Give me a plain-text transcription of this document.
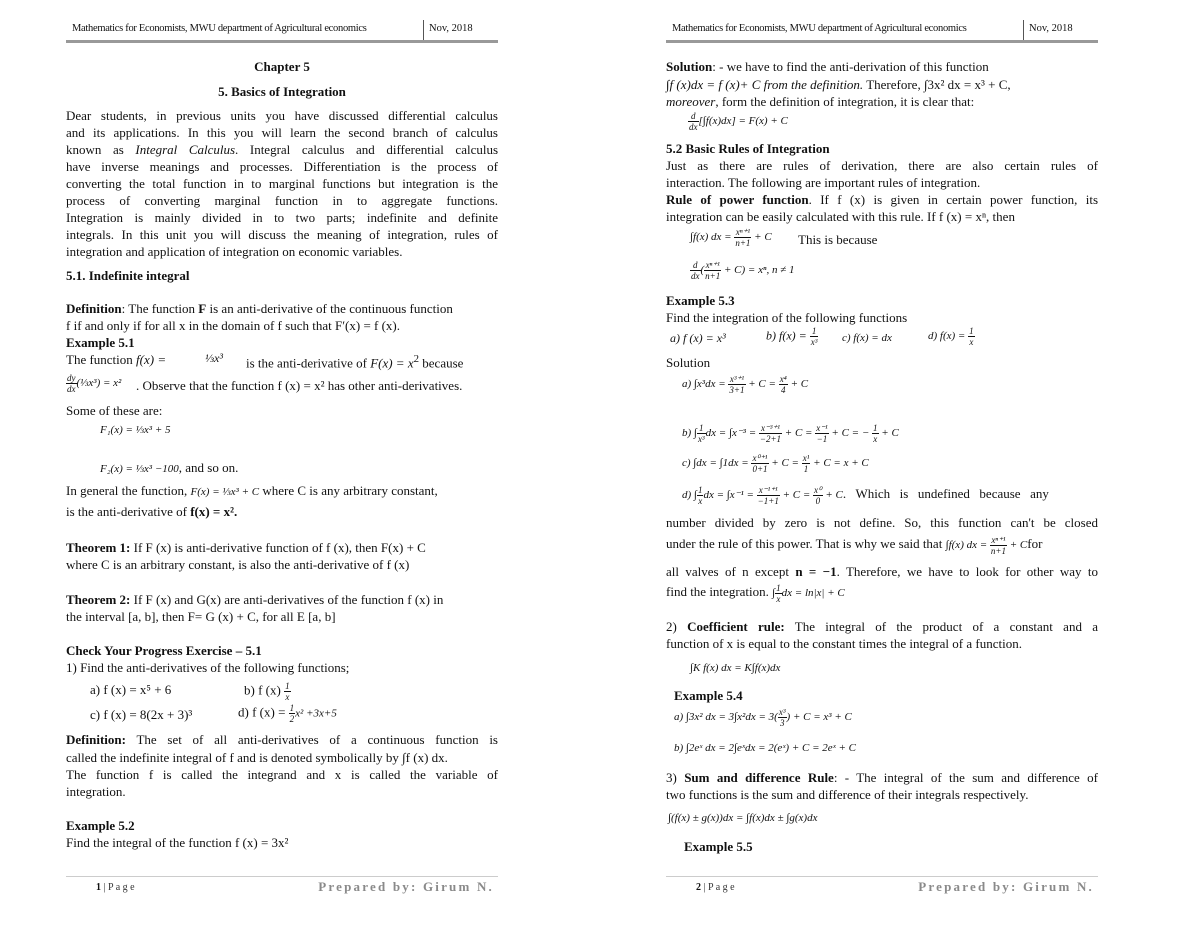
Mathematics for Economists, MWU department of Agricultural economics	Nov, 2018
Chapter 5
5. Basics of Integration
Dear students, in previous units you have discussed differential calculus
and its applications. In this you will learn the second branch of calculus
known as Integral Calculus. Integral calculus and differential calculus
have inverse meanings and processes. Differentiation is the process of
converting the total function in to marginal functions but integration is the
process of converting marginal function in to aggregate functions.
Integration is mainly divided in to two parts; indefinite and definite
integrals. In this unit you will discuss the meaning of integration, rules of
integration and application of integration on economic variables.
5.1. Indefinite integral
Definition: The function F is an anti-derivative of the continuous function
f if and only if for all x in the domain of f such that F′(x) = f (x).
Example 5.1
The function f(x) =	⅓x³ is the anti-derivative of $F(x) = x^2$ because
$\frac{dy}{dx}$ (⅓x³) = x² . Observe that the function f (x) = x² has other anti-derivatives.
Some of these are:
F₁(x) = ⅓x³ + 5
F₂(x) = ⅓x³ −100, and so on.
In general the function, F(x) = ⅓x³ + C where C is any arbitrary constant,
is the anti-derivative of f(x) = x².
Theorem 1: If F (x) is anti-derivative function of f (x), then F(x) + C
where C is an arbitrary constant, is also the anti-derivative of f (x)
Theorem 2: If F (x) and G(x) are anti-derivatives of the function f (x) in
the interval [a, b], then F= G (x) + C, for all E [a, b]
Check Your Progress Exercise – 5.1
1) Find the anti-derivatives of the following functions;
a) f (x) = x⁵ + 6	b) f $(x) \frac{1}{x}$
c) f (x) = 8(2x + 3)³	d) f $(x) = \frac{1}{2} x^2 +3x+5$
Definition: The set of all anti-derivatives of a continuous function is
called the indefinite integral of f and is denoted symbolically by ∫f (x) dx.
The function f is called the integrand and x is called the variable of
integration.
Example 5.2
Find the integral of the function f (x) = 3x²
1 | P a g e	Prepared by: Girum N.
Mathematics for Economists, MWU department of Agricultural economics	Nov, 2018
Solution: - we have to find the anti-derivation of this function
∫f (x)dx = f (x)+ C from the definition. Therefore, ∫3x² dx = x³ + C,
moreover, form the definition of integration, it is clear that:
$\frac{d}{dx} [\int f(x)dx] = F(x) + C$
5.2 Basic Rules of Integration
Just as there are rules of derivation, there are also certain rules of
interaction. The following are important rules of integration.
Rule of power function. If f (x) is given in certain power function, its
integration can be easily calculated with this rule. If f (x) = xⁿ, then
∫f(x) dx = $\frac{\text{xⁿ⁺¹}}{n+1} + C$ This is because
$\frac{d}{dx}$ ( $\frac{\text{xⁿ⁺¹}}{n+1} + C) = x^n$, n ≠ 1
Example 5.3
Find the integration of the following functions
a) f (x) = x³	b) $f(x) = \frac{1}{\text{x³}} c$) f(x) = dx	d) $f(x) = \frac{1}{x}$
Solution
a) $\int x^3dx = \frac{\text{x³⁺¹}}{3+1} + C = \frac{\text{x⁴}}{4} + C$
b) ∫ $\frac{1}{\text{x³}}$ dx = $\int x^{-3} = \frac{\text{x⁻³⁺¹}}{-2+1} + C = \frac{\text{x⁻¹}}{-1} + C$ = − $\frac{1}{x} + C$
c) $\int dx = \int 1dx = \frac{\text{x⁰⁺¹}}{0+1} + C = \frac{\text{x¹}}{1} + C = x + C$
d) ∫ $\frac{1}{x}$ dx = $\int x^{-1} = \frac{\text{x⁻¹⁺¹}}{-1+1} + C = \frac{\text{x⁰}}{0} + C$. Which is undefined because any
number divided by zero is not define. So, this function can't be closed
under the rule of this power. That is why we said that ∫f(x) dx = $\frac{\text{xⁿ⁺¹}}{n+1}$ + Cfor
all valves of n except n = −1. Therefore, we have to look for other way to
find the integration. ∫ $\frac{1}{x}$ dx = ln|x| + C
2) Coefficient rule: The integral of the product of a constant and a
function of x is equal to the constant times the integral of a function.
∫K f(x) dx = K∫f(x)dx
Example 5.4
a) ∫3x² dx = $3\int x^2dx = 3( \frac{\text{x³}}{3}$ ) + C = x³ + C
b) ∫2eˣ dx = 2∫eˣdx = 2(eˣ) + C = 2eˣ + C
3) Sum and difference Rule: - The integral of the sum and difference of
two functions is the sum and difference of their integrals respectively.
∫(f(x) ± g(x))dx = ∫f(x)dx ± ∫g(x)dx
Example 5.5
2 | P a g e	Prepared by: Girum N.
